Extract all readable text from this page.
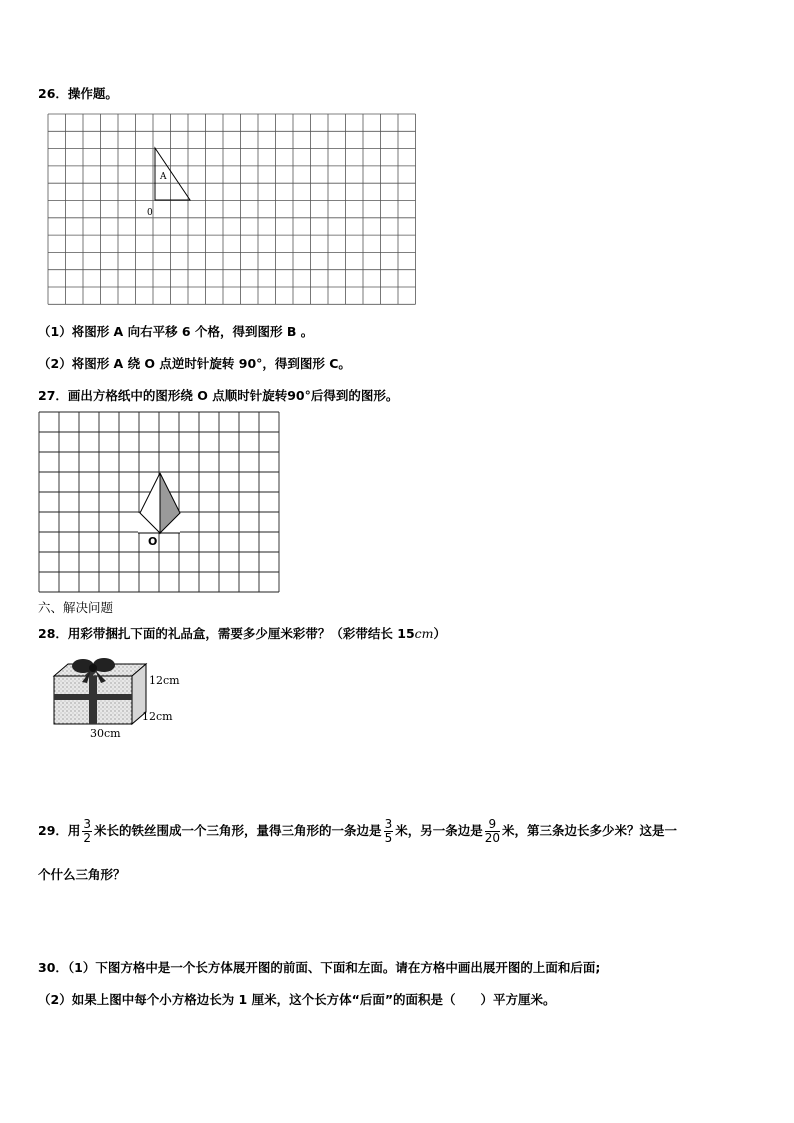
26．操作题。
A
0
（1）将图形 A 向右平移 6 个格，得到图形 B 。
（2）将图形 A 绕 O 点逆时针旋转 90°，得到图形 C。
27．画出方格纸中的图形绕 O 点顺时针旋转90°后得到的图形。
O
六、解决问题
28．用彩带捆扎下面的礼品盒，需要多少厘米彩带？（彩带结长 15cm）
12cm
12cm
30cm
29．用 $\frac{3}{2}$ 米长的铁丝围成一个三角形，量得三角形的一条边是 $\frac{3}{5}$ 米，另一条边是 $\frac{9}{20}$ 米，第三条边长多少米？这是一
个什么三角形？
30．（1）下图方格中是一个长方体展开图的前面、下面和左面。请在方格中画出展开图的上面和后面;
（2）如果上图中每个小方格边长为 1 厘米，这个长方体“后面”的面积是（　　）平方厘米。
